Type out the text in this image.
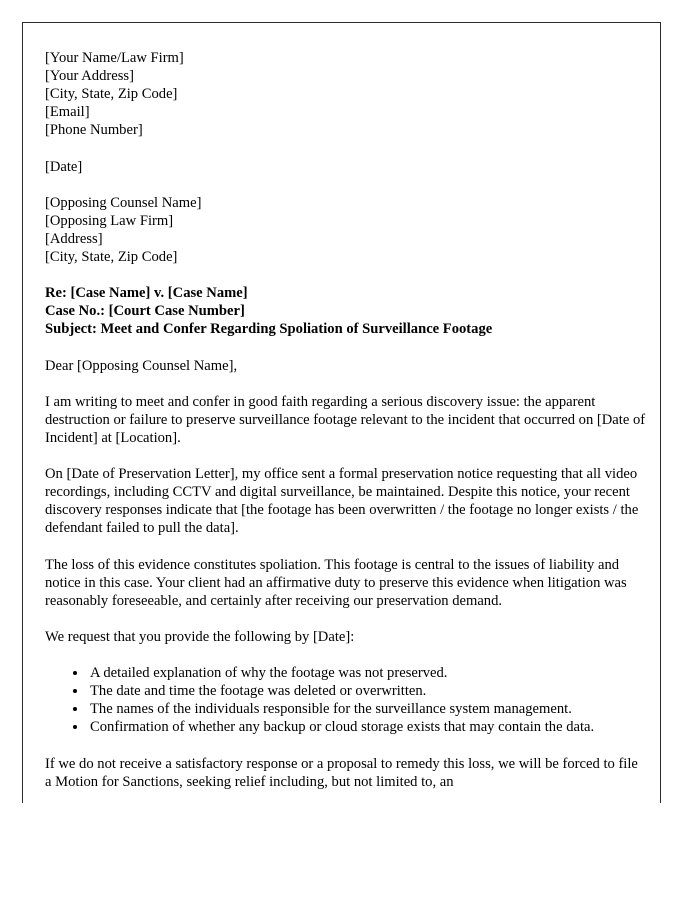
[Your Name/Law Firm]
[Your Address]
[City, State, Zip Code]
[Email]
[Phone Number]
[Date]
[Opposing Counsel Name]
[Opposing Law Firm]
[Address]
[City, State, Zip Code]
Re: [Case Name] v. [Case Name]
Case No.: [Court Case Number]
Subject: Meet and Confer Regarding Spoliation of Surveillance Footage

Dear [Opposing Counsel Name],

I am writing to meet and confer in good faith regarding a serious discovery issue: the apparent destruction or failure to preserve surveillance footage relevant to the incident that occurred on [Date of Incident] at [Location].

On [Date of Preservation Letter], my office sent a formal preservation notice requesting that all video recordings, including CCTV and digital surveillance, be maintained. Despite this notice, your recent discovery responses indicate that [the footage has been overwritten / the footage no longer exists / the defendant failed to pull the data].

The loss of this evidence constitutes spoliation. This footage is central to the issues of liability and notice in this case. Your client had an affirmative duty to preserve this evidence when litigation was reasonably foreseeable, and certainly after receiving our preservation demand.

We request that you provide the following by [Date]:

• A detailed explanation of why the footage was not preserved.
• The date and time the footage was deleted or overwritten.
• The names of the individuals responsible for the surveillance system management.
• Confirmation of whether any backup or cloud storage exists that may contain the data.

If we do not receive a satisfactory response or a proposal to remedy this loss, we will be forced to file a Motion for Sanctions, seeking relief including, but not limited to, an
